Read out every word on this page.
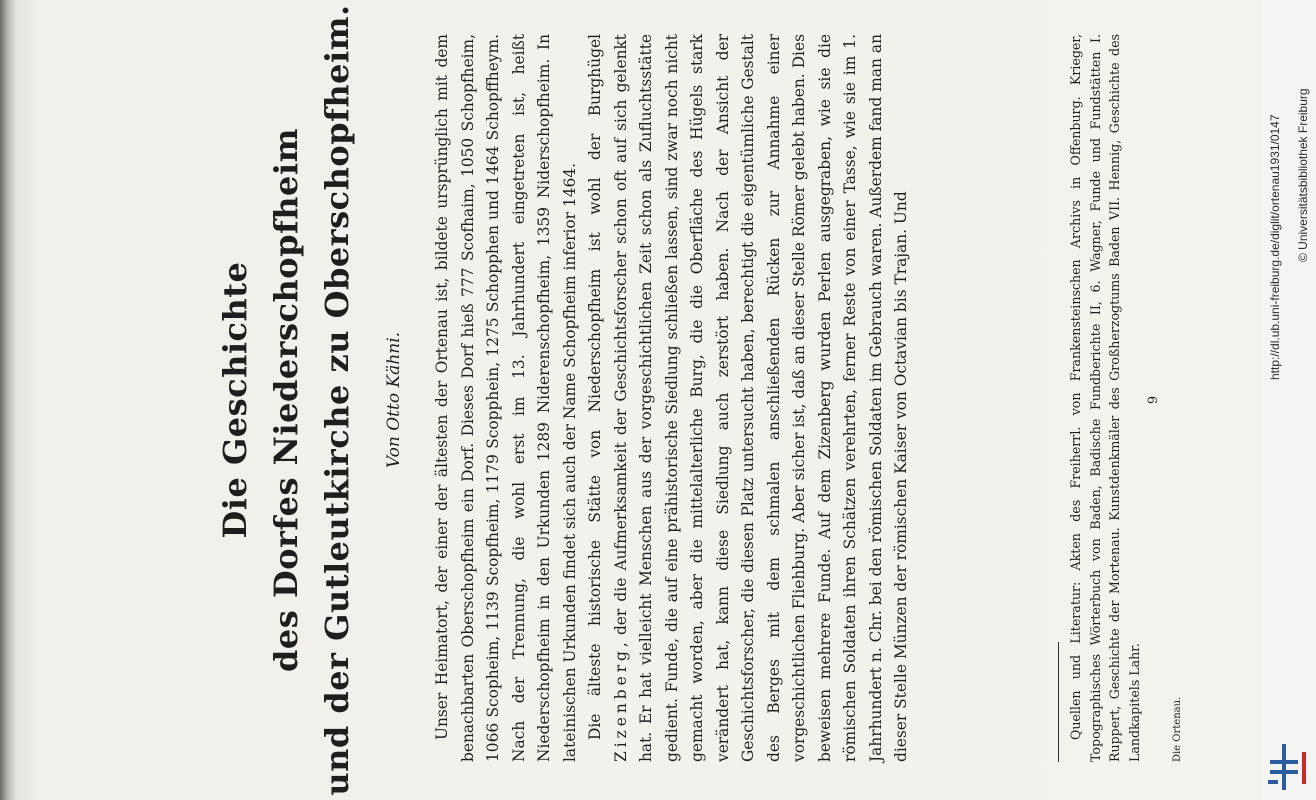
Die Geschichte des Dorfes Niederschopfheim und der Gutleutkirche zu Oberschopfheim.	Von Otto Kähni. Unser Heimatort, der einer der ältesten der Ortenau ist, bildete ursprünglich mit dem benachbarten Oberschopfheim ein Dorf. Dieses Dorf hieß 777 Scofhaim, 1050 Schopfheim, 1066 Scopheim, 1139 Scopfheim, 1179 Scopphein, 1275 Schopphen und 1464 Schopffheym. Nach der Trennung, die wohl erst im 13. Jahrhundert eingetreten ist, heißt Niederschopfheim in den Urkunden 1289 Niderenschopfheim, 1359 Niderschopfheim. In lateinischen Urkunden findet sich auch der Name Schopfheim inferior 1464. Die älteste historische Stätte von Niederschopfheim ist wohl der Burghügel Zizenberg, der die Aufmerksamkeit der Geschichtsforscher schon oft auf sich gelenkt hat. Er hat vielleicht Menschen aus der vorgeschichtlichen Zeit schon als Zufluchtsstätte gedient. Funde, die auf eine prähistorische Siedlung schließen lassen, sind zwar noch nicht gemacht worden, aber die mittelalterliche Burg, die die Oberfläche des Hügels stark verändert hat, kann diese Siedlung auch zerstört haben. Nach der Ansicht der Geschichtsforscher, die diesen Platz untersucht haben, berechtigt die eigentümliche Gestalt des Berges mit dem schmalen anschließenden Rücken zur Annahme einer vorgeschichtlichen Fliehburg. Aber sicher ist, daß an dieser Stelle Römer gelebt haben. Dies beweisen mehrere Funde. Auf dem Zizenberg wurden Perlen ausgegraben, wie sie die römischen Soldaten ihren Schätzen verehrten, ferner Reste von einer Tasse, wie sie im 1. Jahrhundert n. Chr. bei den römischen Soldaten im Gebrauch waren. Außerdem fand man an dieser Stelle Münzen der römischen Kaiser von Octavian bis Trajan. Und	Quellen und Literatur: Akten des Freiherrl. von Frankensteinschen Archivs in Offenburg. Krieger, Topographisches Wörterbuch von Baden, Badische Fundberichte II, 6. Wagner, Funde und Fundstätten I. Ruppert, Geschichte der Mortenau. Kunstdenkmäler des Großherzogtums Baden VII. Hennig, Geschichte des Landkapitels Lahr.

9
Die Ortenau.
http://dl.ub.uni-freiburg.de/diglit/ortenau1931/0147 © Universitätsbibliothek Freiburg
